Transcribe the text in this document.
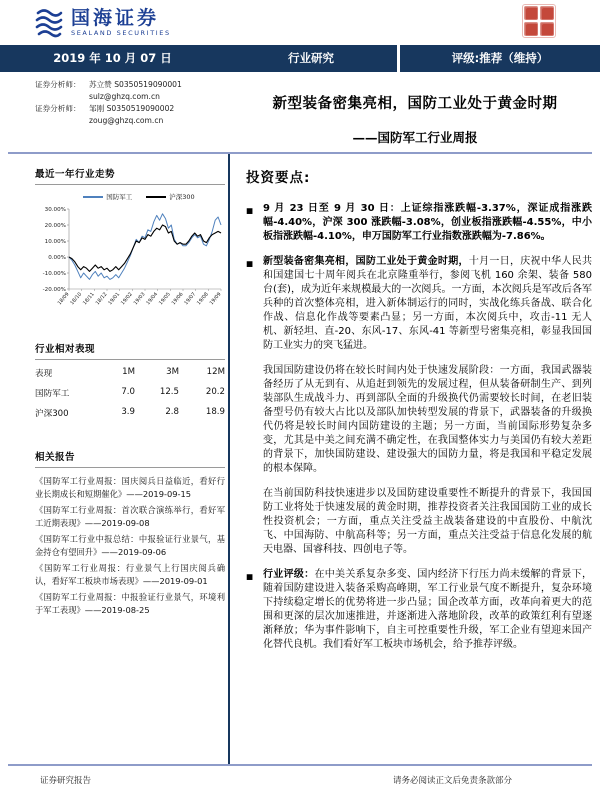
国海证券
SEALAND SECURITIES
2019 年 10 月 07 日	行业研究	评级:推荐（维持）
证券分析师：	苏立赞 S0350519090001
sulz@ghzq.com.cn
证券分析师：	邹刚 S0350519090002
zoug@ghzq.com.cn
新型装备密集亮相，国防工业处于黄金时期
——国防军工行业周报
最近一年行业走势
国防军工	沪深300
30.00%
20.00%
10.00%
0.00%
-10.00%
-20.00%
18/09
18/10
18/11
18/12
19/01
19/02
19/03
19/04
19/05
19/06
19/07
19/08
19/09
行业相对表现
表现	1M	3M	12M
国防军工	7.0	12.5	20.2
沪深300	3.9	2.8	18.9
相关报告
《国防军工行业周报：国庆阅兵日益临近，看好行业长期成长和短期催化》——2019-09-15
《国防军工行业周报：首次联合演练举行，看好军工近期表现》——2019-09-08
《国防军工行业中报总结：中报验证行业景气，基金持仓有望回升》——2019-09-06
《国防军工行业周报：行业景气上行国庆阅兵确认，看好军工板块市场表现》——2019-09-01
《国防军工行业周报：中报验证行业景气，环境利于军工表现》——2019-08-25
投资要点:
■ 9 月 23 日至 9 月 30 日：上证综指涨跌幅-3.37%，深证成指涨跌幅-4.40%，沪深 300 涨跌幅-3.08%，创业板指涨跌幅-4.55%，中小板指涨跌幅-4.10%，申万国防军工行业指数涨跌幅为-7.86%。
■ 新型装备密集亮相，国防工业处于黄金时期，十月一日，庆祝中华人民共和国建国七十周年阅兵在北京隆重举行，参阅飞机 160 余架、装备 580 台(套)，成为近年来规模最大的一次阅兵。一方面，本次阅兵是军改后各军兵种的首次整体亮相，进入新体制运行的同时，实战化练兵备战、联合化作战、信息化作战等要素凸显；另一方面，本次阅兵中，攻击-11 无人机、新轻坦、直-20、东风-17、东风-41 等新型号密集亮相，彰显我国国防工业实力的突飞猛进。
我国国防建设仍将在较长时间内处于快速发展阶段：一方面，我国武器装备经历了从无到有、从追赶到领先的发展过程，但从装备研制生产、到列装部队生成战斗力、再到部队全面的升级换代仍需要较长时间，在老旧装备型号仍有较大占比以及部队加快转型发展的背景下，武器装备的升级换代仍将是较长时间内国防建设的主题；另一方面，当前国际形势复杂多变，尤其是中美之间充满不确定性，在我国整体实力与美国仍有较大差距的背景下，加快国防建设、建设强大的国防力量，将是我国和平稳定发展的根本保障。
在当前国防科技快速进步以及国防建设重要性不断提升的背景下，我国国防工业将处于快速发展的黄金时期，推荐投资者关注我国国防工业的成长性投资机会；一方面，重点关注受益主战装备建设的中直股份、中航沈飞、中国海防、中航高科等；另一方面，重点关注受益于信息化发展的航天电器、国睿科技、四创电子等。
■ 行业评级：在中美关系复杂多变、国内经济下行压力尚未缓解的背景下，随着国防建设进入装备采购高峰期，军工行业景气度不断提升，复杂环境下持续稳定增长的优势将进一步凸显；国企改革方面，改革向着更大的范围和更深的层次加速推进，并逐渐进入落地阶段，改革的政策红利有望逐渐释放；华为事件影响下，自主可控重要性升级，军工企业有望迎来国产化替代良机。我们看好军工板块市场机会，给予推荐评级。
证券研究报告	请务必阅读正文后免责条款部分
